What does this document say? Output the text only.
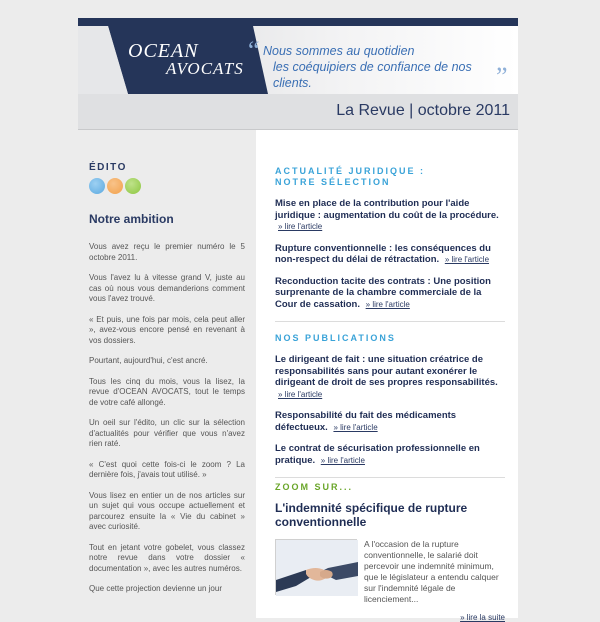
OCEAN
AVOCATS
“ Nous sommes au quotidien
les coéquipiers de confiance de nos clients.	”
La Revue | octobre 2011
ÉDITO
Notre ambition

Vous avez reçu le premier numéro le 5 octobre 2011.

Vous l'avez lu à vitesse grand V, juste au cas où nous vous demanderions comment vous l'avez trouvé.

« Et puis, une fois par mois, cela peut aller », avez-vous encore pensé en revenant à vos dossiers.

Pourtant, aujourd'hui, c'est ancré.

Tous les cinq du mois, vous la lisez, la revue d'OCEAN AVOCATS, tout le temps de votre café allongé.

Un oeil sur l'édito, un clic sur la sélection d'actualités pour vérifier que vous n'avez rien raté.

« C'est quoi cette fois-ci le zoom ? La dernière fois, j'avais tout utilisé. »

Vous lisez en entier un de nos articles sur un sujet qui vous occupe actuellement et parcourez ensuite la « Vie du cabinet » avec curiosité.

Tout en jetant votre gobelet, vous classez notre revue dans votre dossier « documentation », avec les autres numéros.

Que cette projection devienne un jour

ACTUALITÉ JURIDIQUE : NOTRE SÉLECTION
Mise en place de la contribution pour l'aide juridique : augmentation du coût de la procédure. » lire l'article
Rupture conventionnelle : les conséquences du non-respect du délai de rétractation. » lire l'article
Reconduction tacite des contrats : Une position surprenante de la chambre commerciale de la Cour de cassation. » lire l'article
NOS PUBLICATIONS
Le dirigeant de fait : une situation créatrice de responsabilités sans pour autant exonérer le dirigeant de droit de ses propres responsabilités. » lire l'article
Responsabilité du fait des médicaments défectueux. » lire l'article
Le contrat de sécurisation professionnelle en pratique. » lire l'article
ZOOM SUR...
L'indemnité spécifique de rupture conventionnelle
A l'occasion de la rupture conventionnelle, le salarié doit percevoir une indemnité minimum, que le législateur a entendu calquer sur l'indemnité légale de licenciement...
» lire la suite
